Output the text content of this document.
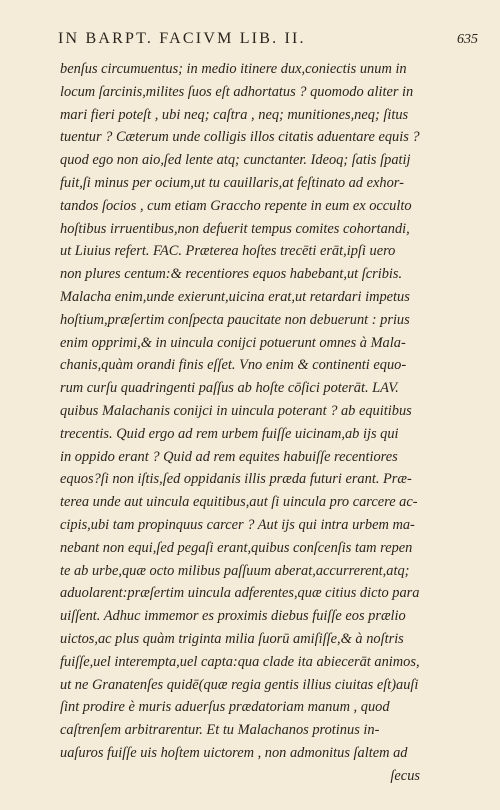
IN BARPT. FACIVM LIB. II.	635
benſus circumuentus; in medio itinere dux,coniectis unum in
locum ſarcinis,milites ſuos eſt adhortatus ? quomodo aliter in
mari fieri poteſt , ubi neq; caſtra , neq; munitiones,neq; ſitus
tuentur ? Cæterum unde colligis illos citatis aduentare equis ?
quod ego non aio,ſed lente atq; cunctanter. Ideoq; ſatis ſpatij
fuit,ſi minus per ocium,ut tu cauillaris,at feſtinato ad exhor-
tandos ſocios , cum etiam Graccho repente in eum ex occulto
hoſtibus irruentibus,non defuerit tempus comites cohortandi,
ut Liuius refert. FAC. Præterea hoſtes trecēti erāt,ipſi uero
non plures centum:& recentiores equos habebant,ut ſcribis.
Malacha enim,unde exierunt,uicina erat,ut retardari impetus
hoſtium,præſertim conſpecta paucitate non debuerunt : prius
enim opprimi,& in uincula conijci potuerunt omnes à Mala-
chanis,quàm orandi finis eſſet. Vno enim & continenti equo-
rum curſu quadringenti paſſus ab hoſte cōſici poterāt. LAV.
quibus Malachanis conijci in uincula poterant ? ab equitibus
trecentis. Quid ergo ad rem urbem fuiſſe uicinam,ab ijs qui
in oppido erant ? Quid ad rem equites habuiſſe recentiores
equos?ſi non iſtis,ſed oppidanis illis præda futuri erant. Præ-
terea unde aut uincula equitibus,aut ſi uincula pro carcere ac-
cipis,ubi tam propinquus carcer ? Aut ijs qui intra urbem ma-
nebant non equi,ſed pegaſi erant,quibus conſcenſis tam repen
te ab urbe,quæ octo milibus paſſuum aberat,accurrerent,atq;
aduolarent:præſertim uincula adferentes,quæ citius dicto para
uiſſent. Adhuc immemor es proximis diebus fuiſſe eos prælio
uictos,ac plus quàm triginta milia ſuorū amiſiſſe,& à noſtris
fuiſſe,uel interempta,uel capta:qua clade ita abiecerāt animos,
ut ne Granatenſes quidē(quæ regia gentis illius ciuitas eſt)auſi
ſint prodire è muris aduerſus prædatoriam manum , quod
caſtrenſem arbitrarentur. Et tu Malachanos protinus in-
uaſuros fuiſſe uis hoſtem uictorem , non admonitus ſaltem ad
ſecus
